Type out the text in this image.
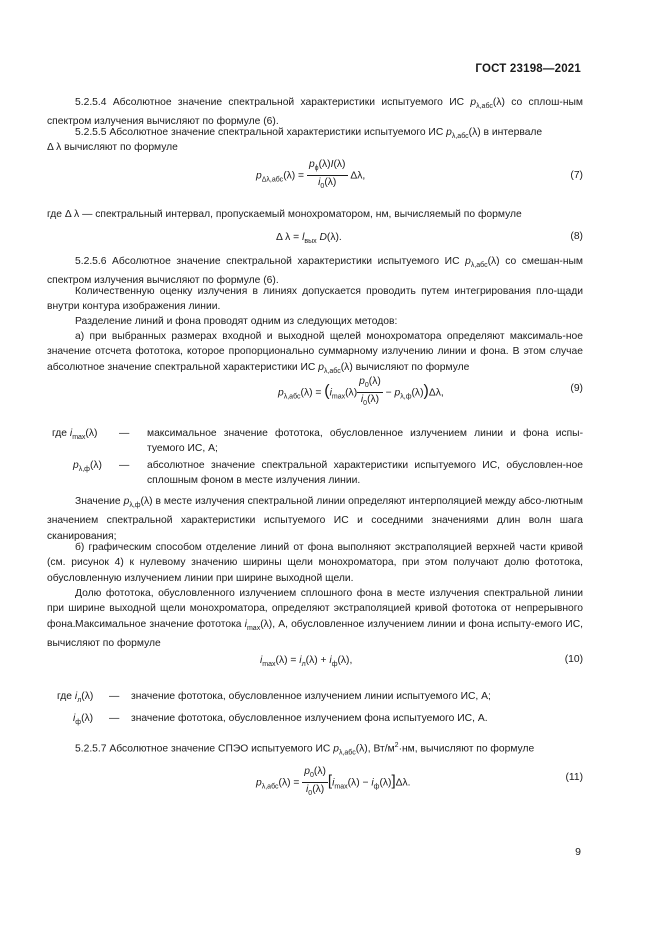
ГОСТ 23198—2021
5.2.5.4 Абсолютное значение спектральной характеристики испытуемого ИС $p_{\lambda,абс}(\lambda)$ со сплош-ным спектром излучения вычисляют по формуле (6).
5.2.5.5 Абсолютное значение спектральной характеристики испытуемого ИС $p_{\lambda,абс}(\lambda)$ в интервале
Δ λ вычисляют по формуле
$p_{\Delta\lambda,абс}(\lambda) = \frac{p_\phi(\lambda)I(\lambda)}{i_0(\lambda)} \Delta\lambda$,	(7)
где Δ λ — спектральный интервал, пропускаемый монохроматором, нм, вычисляемый по формуле
Δ $\lambda = l_{вых}$ D(λ).	(8)
5.2.5.6 Абсолютное значение спектральной характеристики испытуемого ИС $p_{\lambda,абс}(\lambda)$ со смешан-ным спектром излучения вычисляют по формуле (6).
Количественную оценку излучения в линиях допускается проводить путем интегрирования пло-щади внутри контура изображения линии.
Разделение линий и фона проводят одним из следующих методов:
а) при выбранных размерах входной и выходной щелей монохроматора определяют максималь-ное значение отсчета фототока, которое пропорционально суммарному излучению линии и фона. В этом случае абсолютное значение спектральной характеристики ИС $p_{\lambda,абс}(\lambda)$ вычисляют по формуле
$p_{\lambda,абс}(\lambda) = (i_{max}(\lambda) \frac{p_0(\lambda)}{i_0(\lambda)} - p_{\lambda,ф}(\lambda))\Delta\lambda$,	(9)
где $i_{max}(\lambda)$ — максимальное значение фототока, обусловленное излучением линии и фона испы-туемого ИС, А;
$p_{\lambda,ф}(\lambda)$ — абсолютное значение спектральной характеристики испытуемого ИС, обусловлен-ное сплошным фоном в месте излучения линии.
Значение $p_{\lambda,ф}(\lambda)$ в месте излучения спектральной линии определяют интерполяцией между абсо-лютным значением спектральной характеристики испытуемого ИС и соседними значениями длин волн шага сканирования;
б) графическим способом отделение линий от фона выполняют экстраполяцией верхней части кривой (см. рисунок 4) к нулевому значению ширины щели монохроматора, при этом получают долю фототока, обусловленную излучением линии при ширине выходной щели.
Долю фототока, обусловленного излучением сплошного фона в месте излучения спектральной линии при ширине выходной щели монохроматора, определяют экстраполяцией кривой фототока от непрерывного фона. Максимальное значение фототока $i_{max}(\lambda)$, А, обусловленное излучением линии и фона испыту-емого ИС, вычисляют по формуле
$i_{max}(\lambda) = i_л(\lambda) + i_ф(\lambda)$,	(10)
где $i_л(\lambda)$ — значение фототока, обусловленное излучением линии испытуемого ИС, А;
$i_ф(\lambda)$ — значение фототока, обусловленное излучением фона испытуемого ИС, А.
5.2.5.7 Абсолютное значение СПЭО испытуемого ИС $p_{\lambda,абс}(\lambda)$, $Вт/м^2\cdot нм$, вычисляют по формуле
$p_{\lambda,абс}(\lambda) = \frac{p_0(\lambda)}{i_0(\lambda)} [i_{max}(\lambda) - i_ф(\lambda)]\Delta\lambda$.	(11)
9
